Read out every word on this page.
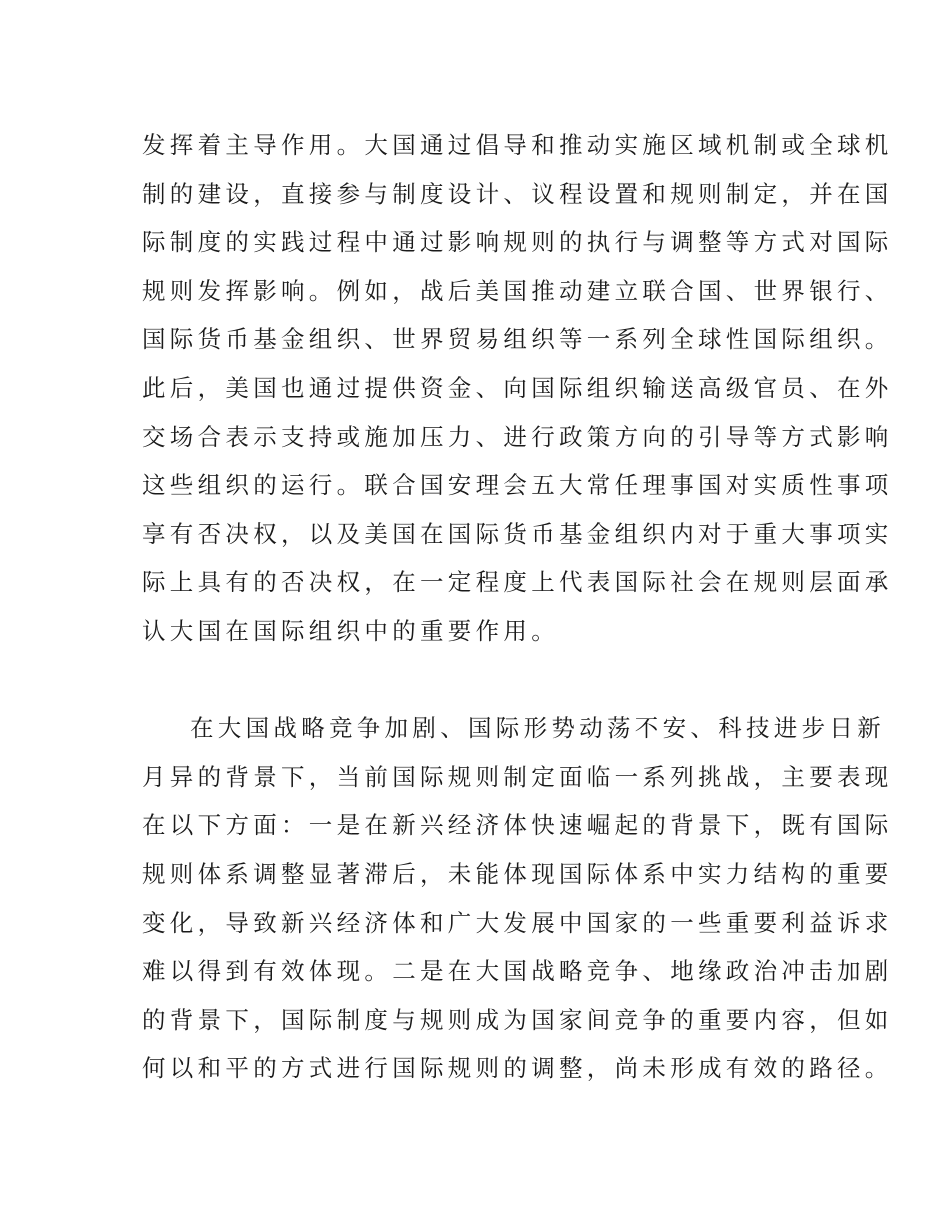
发挥着主导作用。大国通过倡导和推动实施区域机制或全球机
制的建设，直接参与制度设计、议程设置和规则制定，并在国
际制度的实践过程中通过影响规则的执行与调整等方式对国际
规则发挥影响。例如，战后美国推动建立联合国、世界银行、
国际货币基金组织、世界贸易组织等一系列全球性国际组织。
此后，美国也通过提供资金、向国际组织输送高级官员、在外
交场合表示支持或施加压力、进行政策方向的引导等方式影响
这些组织的运行。联合国安理会五大常任理事国对实质性事项
享有否决权，以及美国在国际货币基金组织内对于重大事项实
际上具有的否决权，在一定程度上代表国际社会在规则层面承
认大国在国际组织中的重要作用。
在大国战略竞争加剧、国际形势动荡不安、科技进步日新
月异的背景下，当前国际规则制定面临一系列挑战，主要表现
在以下方面：一是在新兴经济体快速崛起的背景下，既有国际
规则体系调整显著滞后，未能体现国际体系中实力结构的重要
变化，导致新兴经济体和广大发展中国家的一些重要利益诉求
难以得到有效体现。二是在大国战略竞争、地缘政治冲击加剧
的背景下，国际制度与规则成为国家间竞争的重要内容，但如
何以和平的方式进行国际规则的调整，尚未形成有效的路径。
